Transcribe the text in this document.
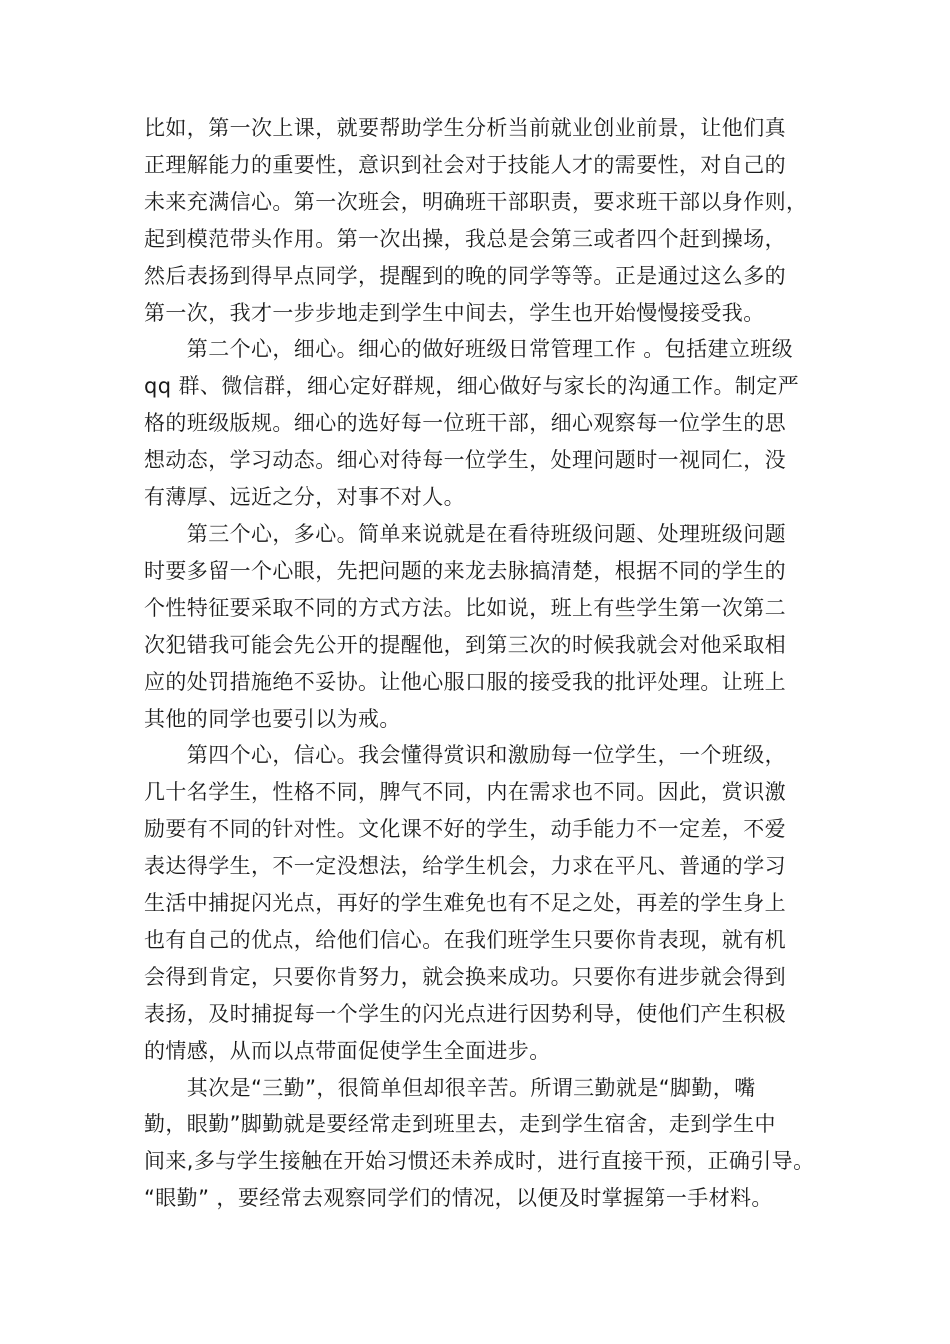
比如，第一次上课，就要帮助学生分析当前就业创业前景，让他们真
正理解能力的重要性，意识到社会对于技能人才的需要性，对自己的
未来充满信心。第一次班会，明确班干部职责，要求班干部以身作则，
起到模范带头作用。第一次出操，我总是会第三或者四个赶到操场，
然后表扬到得早点同学，提醒到的晚的同学等等。正是通过这么多的
第一次，我才一步步地走到学生中间去，学生也开始慢慢接受我。
　　第二个心，细心。细心的做好班级日常管理工作 。包括建立班级
qq 群、微信群，细心定好群规，细心做好与家长的沟通工作。制定严
格的班级版规。细心的选好每一位班干部，细心观察每一位学生的思
想动态，学习动态。细心对待每一位学生，处理问题时一视同仁，没
有薄厚、远近之分，对事不对人。
　　第三个心，多心。简单来说就是在看待班级问题、处理班级问题
时要多留一个心眼，先把问题的来龙去脉搞清楚，根据不同的学生的
个性特征要采取不同的方式方法。比如说，班上有些学生第一次第二
次犯错我可能会先公开的提醒他，到第三次的时候我就会对他采取相
应的处罚措施绝不妥协。让他心服口服的接受我的批评处理。让班上
其他的同学也要引以为戒。
　　第四个心，信心。我会懂得赏识和激励每一位学生，一个班级，
几十名学生，性格不同，脾气不同，内在需求也不同。因此，赏识激
励要有不同的针对性。文化课不好的学生，动手能力不一定差，不爱
表达得学生，不一定没想法，给学生机会，力求在平凡、普通的学习
生活中捕捉闪光点，再好的学生难免也有不足之处，再差的学生身上
也有自己的优点，给他们信心。在我们班学生只要你肯表现，就有机
会得到肯定，只要你肯努力，就会换来成功。只要你有进步就会得到
表扬，及时捕捉每一个学生的闪光点进行因势利导，使他们产生积极
的情感，从而以点带面促使学生全面进步。
　　其次是“三勤”，很简单但却很辛苦。所谓三勤就是“脚勤，嘴
勤，眼勤”脚勤就是要经常走到班里去，走到学生宿舍，走到学生中
间来,多与学生接触在开始习惯还未养成时，进行直接干预，正确引导。
“眼勤” ，要经常去观察同学们的情况，以便及时掌握第一手材料。
